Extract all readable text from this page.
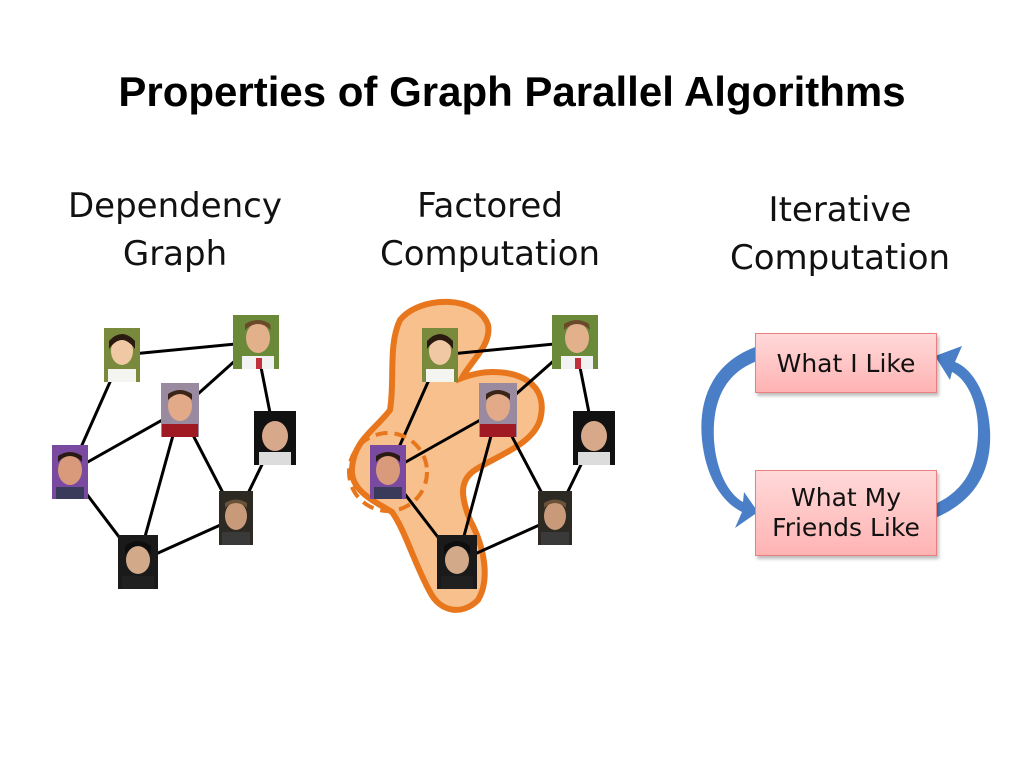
Properties of Graph Parallel Algorithms
Dependency
Graph
Factored
Computation
Iterative
Computation
What I Like
What My
Friends Like
